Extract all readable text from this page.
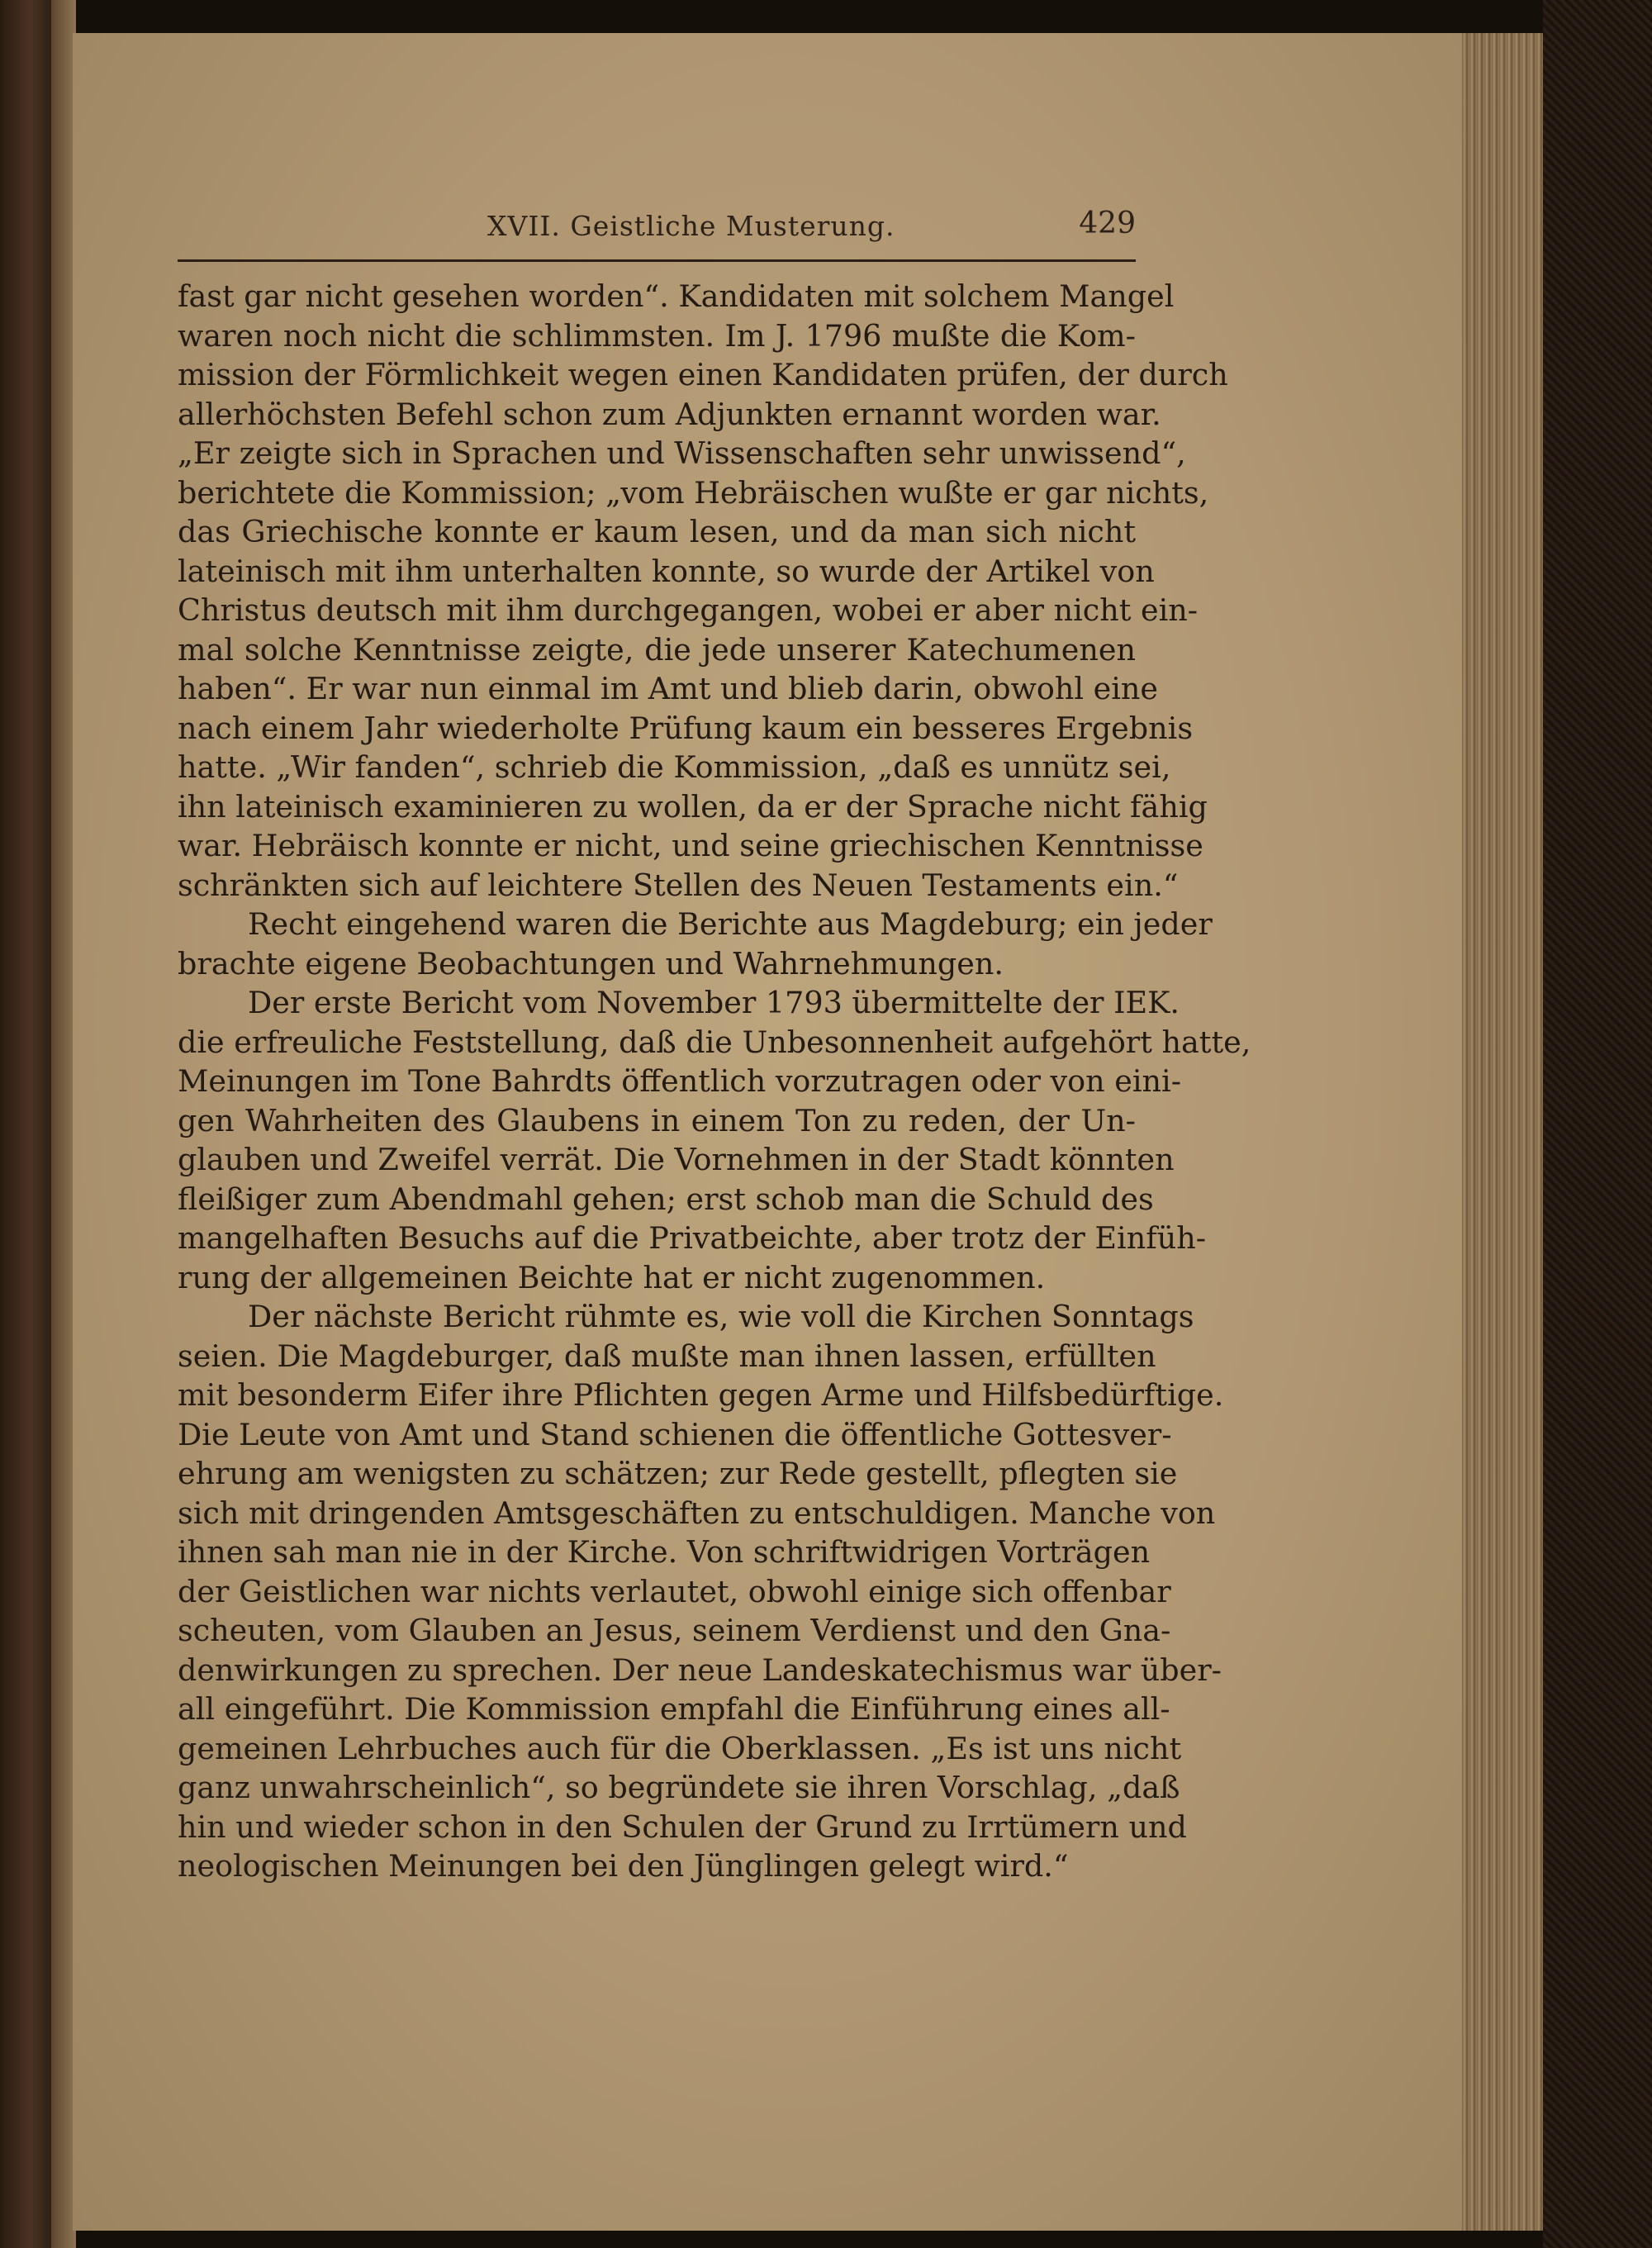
XVII. Geistliche Musterung.	429
fast gar nicht gesehen worden“. Kandidaten mit solchem Mangel
waren noch nicht die schlimmsten. Im J. 1796 mußte die Kom-
mission der Förmlichkeit wegen einen Kandidaten prüfen, der durch
allerhöchsten Befehl schon zum Adjunkten ernannt worden war.
„Er zeigte sich in Sprachen und Wissenschaften sehr unwissend“,
berichtete die Kommission; „vom Hebräischen wußte er gar nichts,
das Griechische konnte er kaum lesen, und da man sich nicht
lateinisch mit ihm unterhalten konnte, so wurde der Artikel von
Christus deutsch mit ihm durchgegangen, wobei er aber nicht ein-
mal solche Kenntnisse zeigte, die jede unserer Katechumenen
haben“. Er war nun einmal im Amt und blieb darin, obwohl eine
nach einem Jahr wiederholte Prüfung kaum ein besseres Ergebnis
hatte. „Wir fanden“, schrieb die Kommission, „daß es unnütz sei,
ihn lateinisch examinieren zu wollen, da er der Sprache nicht fähig
war. Hebräisch konnte er nicht, und seine griechischen Kenntnisse
schränkten sich auf leichtere Stellen des Neuen Testaments ein.“
Recht eingehend waren die Berichte aus Magdeburg; ein jeder
brachte eigene Beobachtungen und Wahrnehmungen.
Der erste Bericht vom November 1793 übermittelte der IEK.
die erfreuliche Feststellung, daß die Unbesonnenheit aufgehört hatte,
Meinungen im Tone Bahrdts öffentlich vorzutragen oder von eini-
gen Wahrheiten des Glaubens in einem Ton zu reden, der Un-
glauben und Zweifel verrät. Die Vornehmen in der Stadt könnten
fleißiger zum Abendmahl gehen; erst schob man die Schuld des
mangelhaften Besuchs auf die Privatbeichte, aber trotz der Einfüh-
rung der allgemeinen Beichte hat er nicht zugenommen.
Der nächste Bericht rühmte es, wie voll die Kirchen Sonntags
seien. Die Magdeburger, daß mußte man ihnen lassen, erfüllten
mit besonderm Eifer ihre Pflichten gegen Arme und Hilfsbedürftige.
Die Leute von Amt und Stand schienen die öffentliche Gottesver-
ehrung am wenigsten zu schätzen; zur Rede gestellt, pflegten sie
sich mit dringenden Amtsgeschäften zu entschuldigen. Manche von
ihnen sah man nie in der Kirche. Von schriftwidrigen Vorträgen
der Geistlichen war nichts verlautet, obwohl einige sich offenbar
scheuten, vom Glauben an Jesus, seinem Verdienst und den Gna-
denwirkungen zu sprechen. Der neue Landeskatechismus war über-
all eingeführt. Die Kommission empfahl die Einführung eines all-
gemeinen Lehrbuches auch für die Oberklassen. „Es ist uns nicht
ganz unwahrscheinlich“, so begründete sie ihren Vorschlag, „daß
hin und wieder schon in den Schulen der Grund zu Irrtümern und
neologischen Meinungen bei den Jünglingen gelegt wird.“
